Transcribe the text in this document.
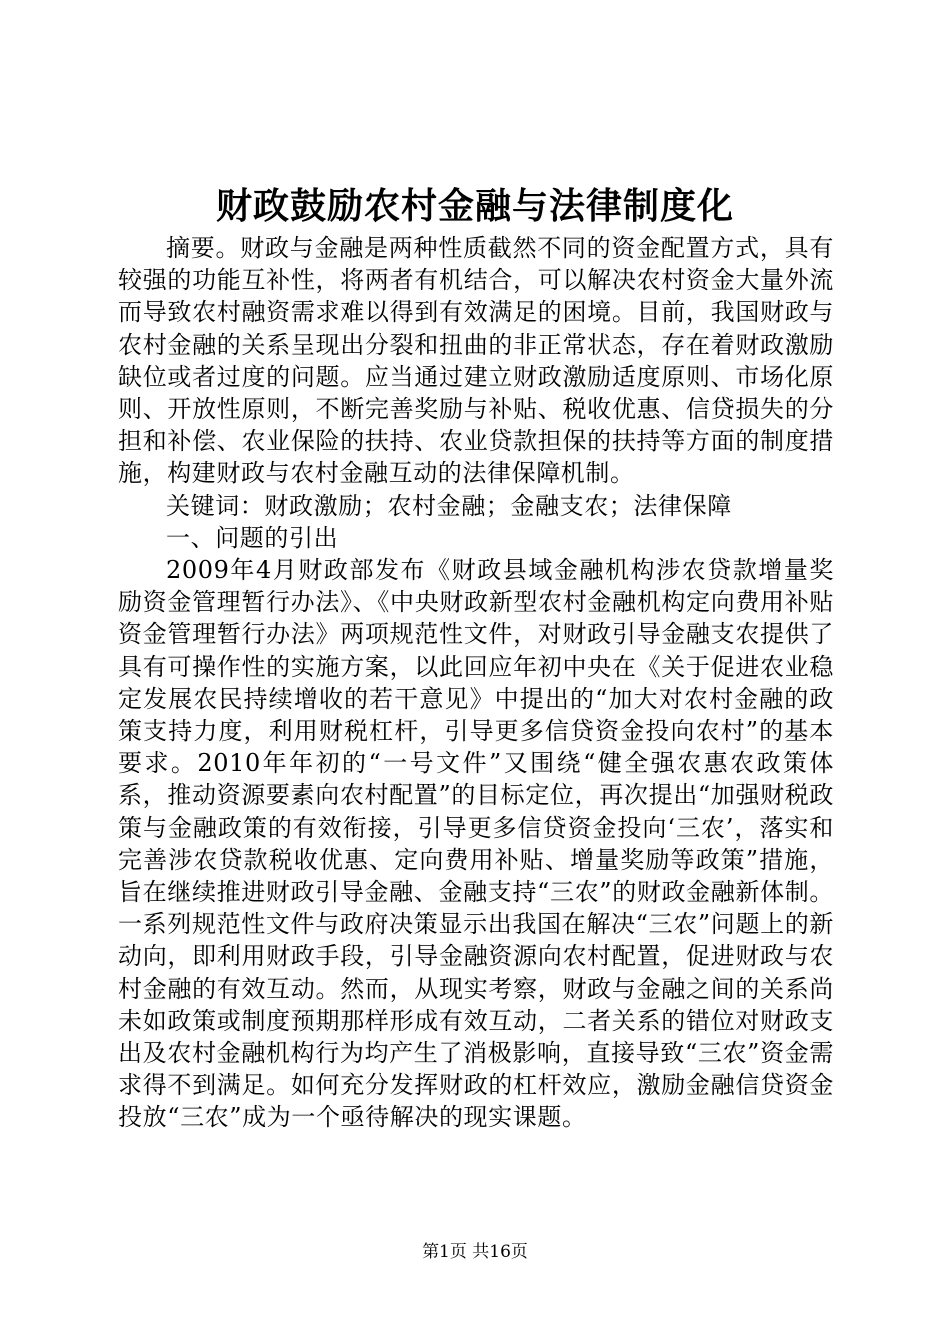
财政鼓励农村金融与法律制度化

摘要。财政与金融是两种性质截然不同的资金配置方式，具有较强的功能互补性，将两者有机结合，可以解决农村资金大量外流而导致农村融资需求难以得到有效满足的困境。目前，我国财政与农村金融的关系呈现出分裂和扭曲的非正常状态，存在着财政激励缺位或者过度的问题。应当通过建立财政激励适度原则、市场化原则、开放性原则，不断完善奖励与补贴、税收优惠、信贷损失的分担和补偿、农业保险的扶持、农业贷款担保的扶持等方面的制度措施，构建财政与农村金融互动的法律保障机制。

关键词：财政激励；农村金融；金融支农；法律保障

一、问题的引出

2009年4月财政部发布《财政县域金融机构涉农贷款增量奖励资金管理暂行办法》、《中央财政新型农村金融机构定向费用补贴资金管理暂行办法》两项规范性文件，对财政引导金融支农提供了具有可操作性的实施方案，以此回应年初中央在《关于促进农业稳定发展农民持续增收的若干意见》中提出的“加大对农村金融的政策支持力度，利用财税杠杆，引导更多信贷资金投向农村”的基本要求。2010年年初的“一号文件”又围绕“健全强农惠农政策体系，推动资源要素向农村配置”的目标定位，再次提出“加强财税政策与金融政策的有效衔接，引导更多信贷资金投向‘三农’，落实和完善涉农贷款税收优惠、定向费用补贴、增量奖励等政策”措施，旨在继续推进财政引导金融、金融支持“三农”的财政金融新体制。一系列规范性文件与政府决策显示出我国在解决“三农”问题上的新动向，即利用财政手段，引导金融资源向农村配置，促进财政与农村金融的有效互动。然而，从现实考察，财政与金融之间的关系尚未如政策或制度预期那样形成有效互动，二者关系的错位对财政支出及农村金融机构行为均产生了消极影响，直接导致“三农”资金需求得不到满足。如何充分发挥财政的杠杆效应，激励金融信贷资金投放“三农”成为一个亟待解决的现实课题。

第1页 共16页
